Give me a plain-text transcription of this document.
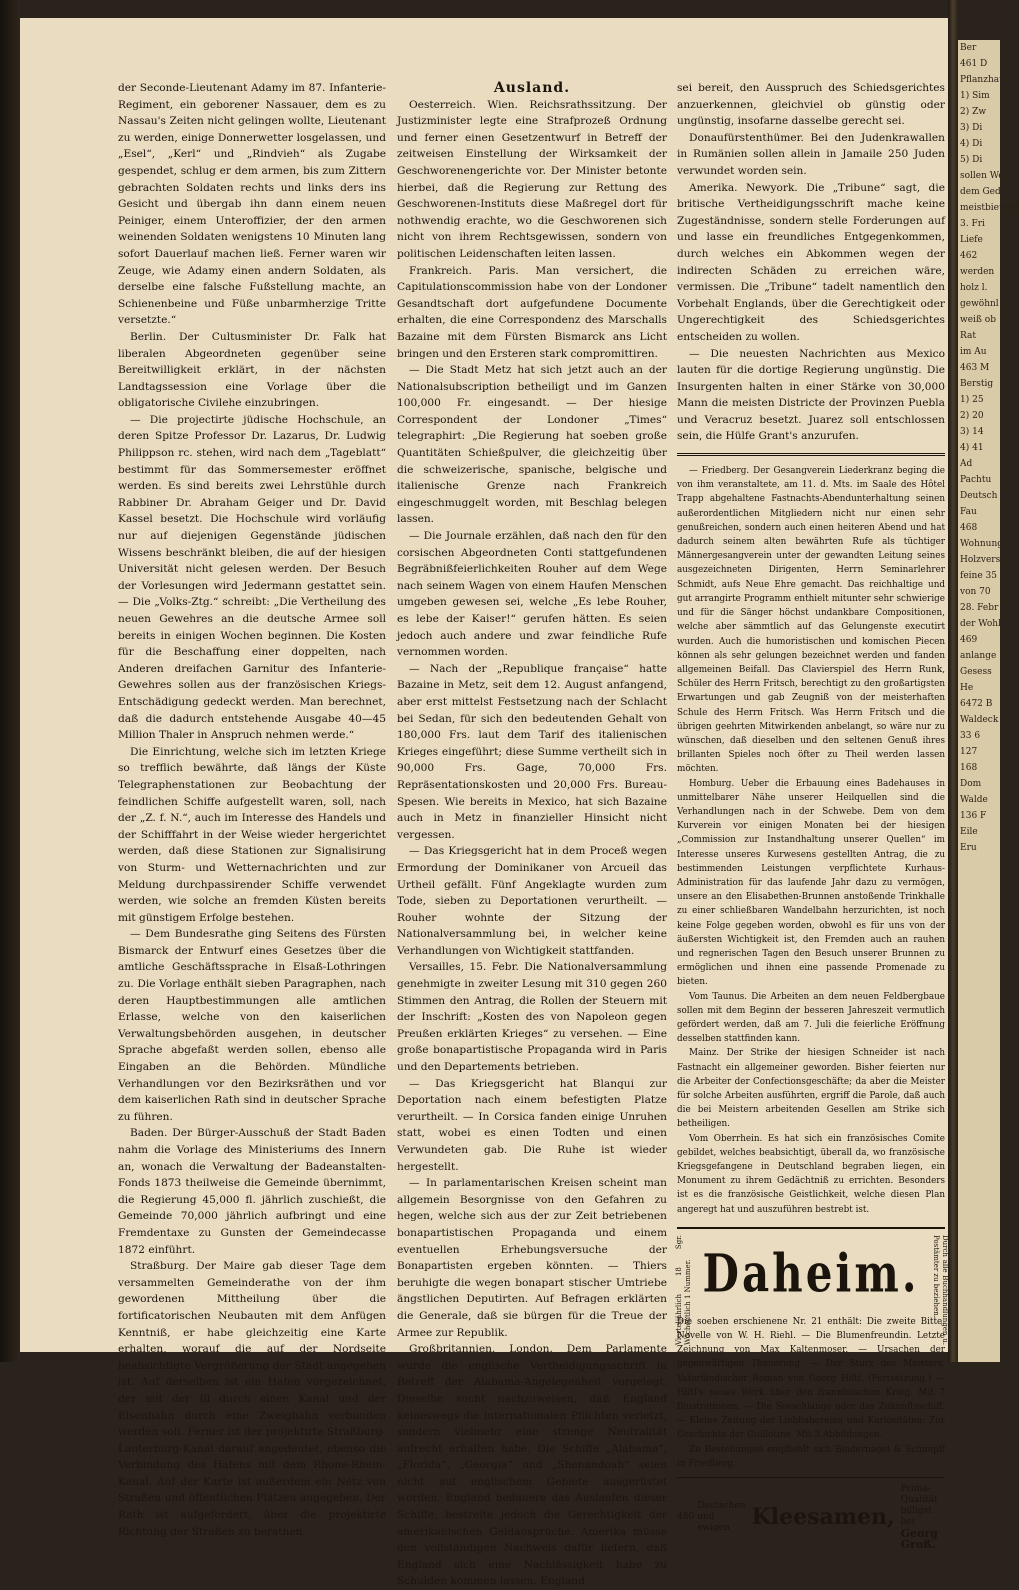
Ber
461 D
Pflanzhau
1) Sim
2) Zw
3) Di
4) Di
5) Di
sollen We
dem Ged
meistbietend
3. Fri
Liefe
462
werden
holz l.
gewöhnl
weiß ob
Rat
im Au
463 M
Berstig
1) 25
2) 20
3) 14
4) 41
Ad
Pachtu
Deutsch
Fau
468
Wohnung
Holzversch
feine 35
von 70
28. Febr
der Wohl
469
anlange
Gesess
He
6472 B
Waldeck
33 6
127
168
Dom
Walde
136 F
Eile
Eru

der Seconde-Lieutenant Adamy im 87. Infanterie-Regiment, ein geborener Nassauer, dem es zu Nassau's Zeiten nicht gelingen wollte, Lieutenant zu werden, einige Donnerwetter losgelassen, und „Esel“, „Kerl“ und „Rindvieh“ als Zugabe gespendet, schlug er dem armen, bis zum Zittern gebrachten Soldaten rechts und links ders ins Gesicht und übergab ihn dann einem neuen Peiniger, einem Unteroffizier, der den armen weinenden Soldaten wenigstens 10 Minuten lang sofort Dauerlauf machen ließ. Ferner waren wir Zeuge, wie Adamy einen andern Soldaten, als derselbe eine falsche Fußstellung machte, an Schienenbeine und Füße unbarmherzige Tritte versetzte.“

Berlin. Der Cultusminister Dr. Falk hat liberalen Abgeordneten gegenüber seine Bereitwilligkeit erklärt, in der nächsten Landtagssession eine Vorlage über die obligatorische Civilehe einzubringen.

— Die projectirte jüdische Hochschule, an deren Spitze Professor Dr. Lazarus, Dr. Ludwig Philippson rc. stehen, wird nach dem „Tageblatt“ bestimmt für das Sommersemester eröffnet werden. Es sind bereits zwei Lehrstühle durch Rabbiner Dr. Abraham Geiger und Dr. David Kassel besetzt. Die Hochschule wird vorläufig nur auf diejenigen Gegenstände jüdischen Wissens beschränkt bleiben, die auf der hiesigen Universität nicht gelesen werden. Der Besuch der Vorlesungen wird Jedermann gestattet sein. — Die „Volks-Ztg.“ schreibt: „Die Vertheilung des neuen Gewehres an die deutsche Armee soll bereits in einigen Wochen beginnen. Die Kosten für die Beschaffung einer doppelten, nach Anderen dreifachen Garnitur des Infanterie-Gewehres sollen aus der französischen Kriegs-Entschädigung gedeckt werden. Man berechnet, daß die dadurch entstehende Ausgabe 40—45 Million Thaler in Anspruch nehmen werde.“

Die Einrichtung, welche sich im letzten Kriege so trefflich bewährte, daß längs der Küste Telegraphenstationen zur Beobachtung der feindlichen Schiffe aufgestellt waren, soll, nach der „Z. f. N.“, auch im Interesse des Handels und der Schifffahrt in der Weise wieder hergerichtet werden, daß diese Stationen zur Signalisirung von Sturm- und Wetternachrichten und zur Meldung durchpassirender Schiffe verwendet werden, wie solche an fremden Küsten bereits mit günstigem Erfolge bestehen.

— Dem Bundesrathe ging Seitens des Fürsten Bismarck der Entwurf eines Gesetzes über die amtliche Geschäftssprache in Elsaß-Lothringen zu. Die Vorlage enthält sieben Paragraphen, nach deren Hauptbestimmungen alle amtlichen Erlasse, welche von den kaiserlichen Verwaltungsbehörden ausgehen, in deutscher Sprache abgefaßt werden sollen, ebenso alle Eingaben an die Behörden. Mündliche Verhandlungen vor den Bezirksräthen und vor dem kaiserlichen Rath sind in deutscher Sprache zu führen.

Baden. Der Bürger-Ausschuß der Stadt Baden nahm die Vorlage des Ministeriums des Innern an, wonach die Verwaltung der Badeanstalten-Fonds 1873 theilweise die Gemeinde übernimmt, die Regierung 45,000 fl. jährlich zuschießt, die Gemeinde 70,000 jährlich aufbringt und eine Fremdentaxe zu Gunsten der Gemeindecasse 1872 einführt.

Straßburg. Der Maire gab dieser Tage dem versammelten Gemeinderathe von der ihm gewordenen Mittheilung über die fortificatorischen Neubauten mit dem Anfügen Kenntniß, er habe gleichzeitig eine Karte erhalten, worauf die auf der Nordseite beabsichtigte Vergrößerung der Stadt angegeben ist. Auf derselben ist ein Hafen vorgezeichnet, der mit der Ill durch einen Kanal und der Eisenbahn durch eine Zweigbahn verbunden werden soll. Ferner ist der projektirte Straßburg-Lauterburg-Kanal darauf angedeutet, ebenso die Verbindung des Hafens mit dem Rhone-Rhein-Kanal. Auf der Karte ist außerdem ein Netz von Straßen und öffentlichen Plätzen angegeben. Der Rath ist aufgefordert, über die projektirte Richtung der Straßen zu berathen.

Ausland.

Oesterreich. Wien. Reichsrathssitzung. Der Justizminister legte eine Strafprozeß Ordnung und ferner einen Gesetzentwurf in Betreff der zeitweisen Einstellung der Wirksamkeit der Geschworenengerichte vor. Der Minister betonte hierbei, daß die Regierung zur Rettung des Geschworenen-Instituts diese Maßregel dort für nothwendig erachte, wo die Geschworenen sich nicht von ihrem Rechtsgewissen, sondern von politischen Leidenschaften leiten lassen.

Frankreich. Paris. Man versichert, die Capitulationscommission habe von der Londoner Gesandtschaft dort aufgefundene Documente erhalten, die eine Correspondenz des Marschalls Bazaine mit dem Fürsten Bismarck ans Licht bringen und den Ersteren stark compromittiren.

— Die Stadt Metz hat sich jetzt auch an der Nationalsubscription betheiligt und im Ganzen 100,000 Fr. eingesandt. — Der hiesige Correspondent der Londoner „Times“ telegraphirt: „Die Regierung hat soeben große Quantitäten Schießpulver, die gleichzeitig über die schweizerische, spanische, belgische und italienische Grenze nach Frankreich eingeschmuggelt worden, mit Beschlag belegen lassen.

— Die Journale erzählen, daß nach den für den corsischen Abgeordneten Conti stattgefundenen Begräbnißfeierlichkeiten Rouher auf dem Wege nach seinem Wagen von einem Haufen Menschen umgeben gewesen sei, welche „Es lebe Rouher, es lebe der Kaiser!“ gerufen hätten. Es seien jedoch auch andere und zwar feindliche Rufe vernommen worden.

— Nach der „Republique française“ hatte Bazaine in Metz, seit dem 12. August anfangend, aber erst mittelst Festsetzung nach der Schlacht bei Sedan, für sich den bedeutenden Gehalt von 180,000 Frs. laut dem Tarif des italienischen Krieges eingeführt; diese Summe vertheilt sich in 90,000 Frs. Gage, 70,000 Frs. Repräsentationskosten und 20,000 Frs. Bureau-Spesen. Wie bereits in Mexico, hat sich Bazaine auch in Metz in finanzieller Hinsicht nicht vergessen.

— Das Kriegsgericht hat in dem Proceß wegen Ermordung der Dominikaner von Arcueil das Urtheil gefällt. Fünf Angeklagte wurden zum Tode, sieben zu Deportationen verurtheilt. — Rouher wohnte der Sitzung der Nationalversammlung bei, in welcher keine Verhandlungen von Wichtigkeit stattfanden.

Versailles, 15. Febr. Die Nationalversammlung genehmigte in zweiter Lesung mit 310 gegen 260 Stimmen den Antrag, die Rollen der Steuern mit der Inschrift: „Kosten des von Napoleon gegen Preußen erklärten Krieges“ zu versehen. — Eine große bonapartistische Propaganda wird in Paris und den Departements betrieben.

— Das Kriegsgericht hat Blanqui zur Deportation nach einem befestigten Platze verurtheilt. — In Corsica fanden einige Unruhen statt, wobei es einen Todten und einen Verwundeten gab. Die Ruhe ist wieder hergestellt.

— In parlamentarischen Kreisen scheint man allgemein Besorgnisse von den Gefahren zu hegen, welche sich aus der zur Zeit betriebenen bonapartistischen Propaganda und einem eventuellen Erhebungsversuche der Bonapartisten ergeben könnten. — Thiers beruhigte die wegen bonapart stischer Umtriebe ängstlichen Deputirten. Auf Befragen erklärten die Generale, daß sie bürgen für die Treue der Armee zur Republik.

Großbritannien. London. Dem Parlamente wurde die englische Vertheidigungsschrift in Betreff der Alabama-Angelegenheit vorgelegt. Dieselbe sucht nachzuweisen, daß England keineswegs die internationalen Pflichten verletzt, sondern vielmehr eine strenge Neutralität aufrecht erhalten habe. Die Schiffe „Alabama“, „Florida“, „Georgia“ und „Shenandoah“ seien nicht auf englischem Gebiete ausgerüstet worden. England bedauere das Auslaufen dieser Schiffe, bestreite jedoch die Gerechtigkeit der amerikanischen Geldansprüche. Amerika müsse den vollständigen Nachweis dafür liefern, daß England sich eine Nachlässigkeit habe zu Schulden kommen lassen. England

sei bereit, den Ausspruch des Schiedsgerichtes anzuerkennen, gleichviel ob günstig oder ungünstig, insofarne dasselbe gerecht sei.

Donaufürstenthümer. Bei den Judenkrawallen in Rumänien sollen allein in Jamaile 250 Juden verwundet worden sein.

Amerika. Newyork. Die „Tribune“ sagt, die britische Vertheidigungsschrift mache keine Zugeständnisse, sondern stelle Forderungen auf und lasse ein freundliches Entgegenkommen, durch welches ein Abkommen wegen der indirecten Schäden zu erreichen wäre, vermissen. Die „Tribune“ tadelt namentlich den Vorbehalt Englands, über die Gerechtigkeit oder Ungerechtigkeit des Schiedsgerichtes entscheiden zu wollen.

— Die neuesten Nachrichten aus Mexico lauten für die dortige Regierung ungünstig. Die Insurgenten halten in einer Stärke von 30,000 Mann die meisten Districte der Provinzen Puebla und Veracruz besetzt. Juarez soll entschlossen sein, die Hülfe Grant's anzurufen.

— Friedberg. Der Gesangverein Liederkranz beging die von ihm veranstaltete, am 11. d. Mts. im Saale des Hôtel Trapp abgehaltene Fastnachts-Abendunterhaltung seinen außerordentlichen Mitgliedern nicht nur einen sehr genußreichen, sondern auch einen heiteren Abend und hat dadurch seinem alten bewährten Rufe als tüchtiger Männergesangverein unter der gewandten Leitung seines ausgezeichneten Dirigenten, Herrn Seminarlehrer Schmidt, aufs Neue Ehre gemacht. Das reichhaltige und gut arrangirte Programm enthielt mitunter sehr schwierige und für die Sänger höchst undankbare Compositionen, welche aber sämmtlich auf das Gelungenste executirt wurden. Auch die humoristischen und komischen Piecen können als sehr gelungen bezeichnet werden und fanden allgemeinen Beifall. Das Clavierspiel des Herrn Runk, Schüler des Herrn Fritsch, berechtigt zu den großartigsten Erwartungen und gab Zeugniß von der meisterhaften Schule des Herrn Fritsch. Was Herrn Fritsch und die übrigen geehrten Mitwirkenden anbelangt, so wäre nur zu wünschen, daß dieselben und den seltenen Genuß ihres brillanten Spieles noch öfter zu Theil werden lassen möchten.

Homburg. Ueber die Erbauung eines Badehauses in unmittelbarer Nähe unserer Heilquellen sind die Verhandlungen nach in der Schwebe. Dem von dem Kurverein vor einigen Monaten bei der hiesigen „Commission zur Instandhaltung unserer Quellen“ im Interesse unseres Kurwesens gestellten Antrag, die zu bestimmenden Leistungen verpflichtete Kurhaus-Administration für das laufende Jahr dazu zu vermögen, unsere an den Elisabethen-Brunnen anstoßende Trinkhalle zu einer schließbaren Wandelbahn herzurichten, ist noch keine Folge gegeben worden, obwohl es für uns von der äußersten Wichtigkeit ist, den Fremden auch an rauhen und regnerischen Tagen den Besuch unserer Brunnen zu ermöglichen und ihnen eine passende Promenade zu bieten.

Vom Taunus. Die Arbeiten an dem neuen Feldbergbaue sollen mit dem Beginn der besseren Jahreszeit vermutlich gefördert werden, daß am 7. Juli die feierliche Eröffnung desselben stattfinden kann.

Mainz. Der Strike der hiesigen Schneider ist nach Fastnacht ein allgemeiner geworden. Bisher feierten nur die Arbeiter der Confectionsgeschäfte; da aber die Meister für solche Arbeiten ausführten, ergriff die Parole, daß auch die bei Meistern arbeitenden Gesellen am Strike sich betheiligen.

Vom Oberrhein. Es hat sich ein französisches Comite gebildet, welches beabsichtigt, überall da, wo französische Kriegsgefangene in Deutschland begraben liegen, ein Monument zu ihrem Gedächtniß zu errichten. Besonders ist es die französische Geistlichkeit, welche diesen Plan angeregt hat und auszuführen bestrebt ist.

Vierteljährlich 18 Sgr. Wöchentlich 1 Nummer.	Durch alle Buchhandlungen u. Postämter zu beziehen.
Daheim.

Die soeben erschienene Nr. 21 enthält: Die zweite Bitte. Novelle von W. H. Riehl. — Die Blumenfreundin. Letzte Zeichnung von Max Kaltenmoser. — Ursachen der gegenwärtigen Theuerung. — Der Sturz des Meisters. Vaterländischer Roman von Georg Hiltl. (Fortsetzung.) — Hiltl's neues Werk über den französischen Krieg. Mit 7 Illustrationen. — Die Seeschlange oder das Zukunftsschiff. — Kleine Zeitung der Liebhabereien und Kuriositäten: Zur Geschichte der Guillotine. Mit 3 Abbildungen.

Zu Bestellungen empfiehlt sich Bindernagel & Schimpff in Friedberg.

480

Deutschen und ewigen Kleesamen,
Prima-Qualität billigst bei
Georg Groß.
